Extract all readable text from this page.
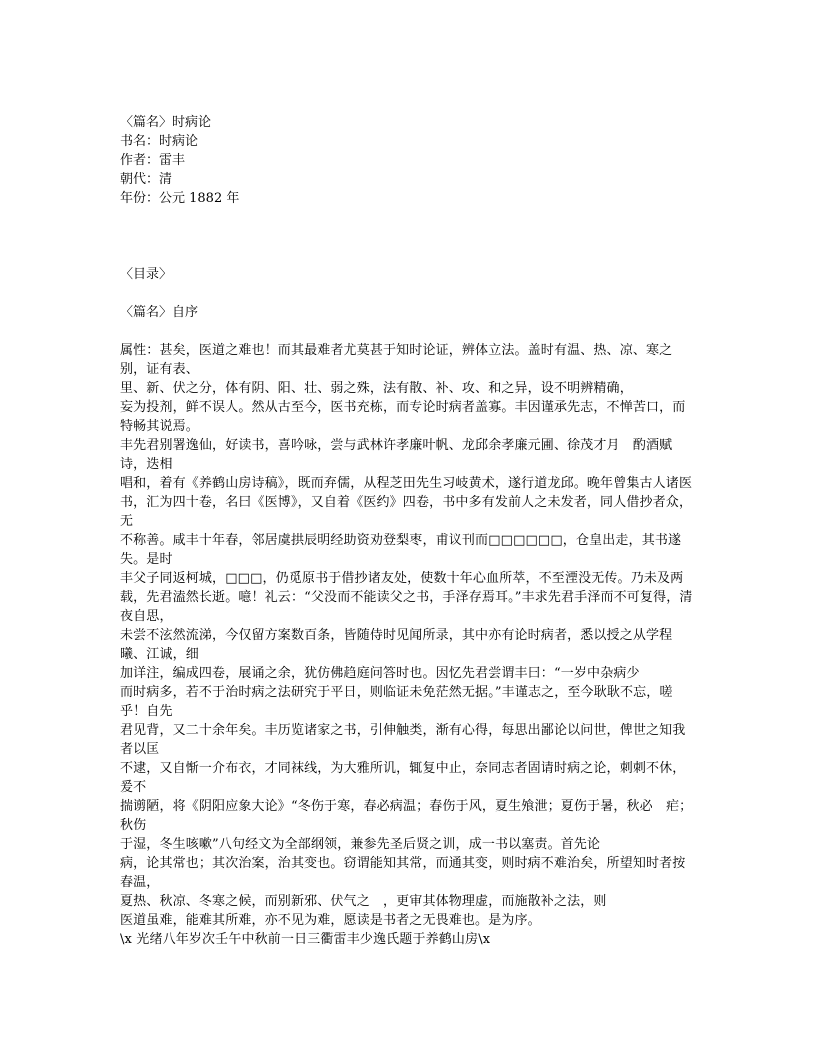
〈篇名〉时病论

书名：时病论

作者：雷丰

朝代：清

年份：公元 1882 年

〈目录〉

〈篇名〉自序

属性：甚矣，医道之难也！而其最难者尤莫甚于知时论证，辨体立法。盖时有温、热、凉、寒之别，证有表、

里、新、伏之分，体有阴、阳、壮、弱之殊，法有散、补、攻、和之异，设不明辨精确，

妄为投剂，鲜不误人。然从古至今，医书充栋，而专论时病者盖寡。丰因谨承先志，不惮苦口，而特畅其说焉。

丰先君别署逸仙，好读书，喜吟咏，尝与武林许孝廉叶帆、龙邱余孝廉元圃、徐茂才月　酌酒赋诗，迭相

唱和，着有《养鹤山房诗稿》，既而弃儒，从程芝田先生习岐黄术，遂行道龙邱。晚年曾集古人诸医书，汇为四十卷，名曰《医博》，又自着《医约》四卷，书中多有发前人之未发者，同人借抄者众，无

不称善。咸丰十年春，邻居虞拱辰明经助资劝登梨枣，甫议刊而□□□□□□，仓皇出走，其书遂失。是时

丰父子同返柯城，□□□，仍觅原书于借抄诸友处，使数十年心血所萃，不至湮没无传。乃未及两

载，先君溘然长逝。噫！礼云：“父没而不能读父之书，手泽存焉耳。”丰求先君手泽而不可复得，清夜自思，

未尝不泫然流涕，今仅留方案数百条，皆随侍时见闻所录，其中亦有论时病者，悉以授之从学程曦、江诚，细

加详注，编成四卷，展诵之余，犹仿佛趋庭问答时也。因忆先君尝谓丰曰：“一岁中杂病少

而时病多，若不于治时病之法研究于平日，则临证未免茫然无据。”丰谨志之，至今耿耿不忘，嗟乎！自先

君见背，又二十余年矣。丰历览诸家之书，引伸触类，渐有心得，每思出鄙论以问世，俾世之知我者以匡

不逮，又自惭一介布衣，才同袜线，为大雅所讥，辄复中止，奈同志者固请时病之论，刺刺不休，爰不

揣谫陋，将《阴阳应象大论》“冬伤于寒，春必病温；春伤于风，夏生飧泄；夏伤于暑，秋必　疟；秋伤

于湿，冬生咳嗽”八句经文为全部纲领，兼参先圣后贤之训，成一书以塞责。首先论

病，论其常也；其次治案，治其变也。窃谓能知其常，而通其变，则时病不难治矣，所望知时者按春温，

夏热、秋凉、冬寒之候，而别新邪、伏气之　，更审其体物理虚，而施散补之法，则

医道虽难，能难其所难，亦不见为难，愿读是书者之无畏难也。是为序。

\x 光绪八年岁次壬午中秋前一日三衢雷丰少逸氏题于养鹤山房\x
